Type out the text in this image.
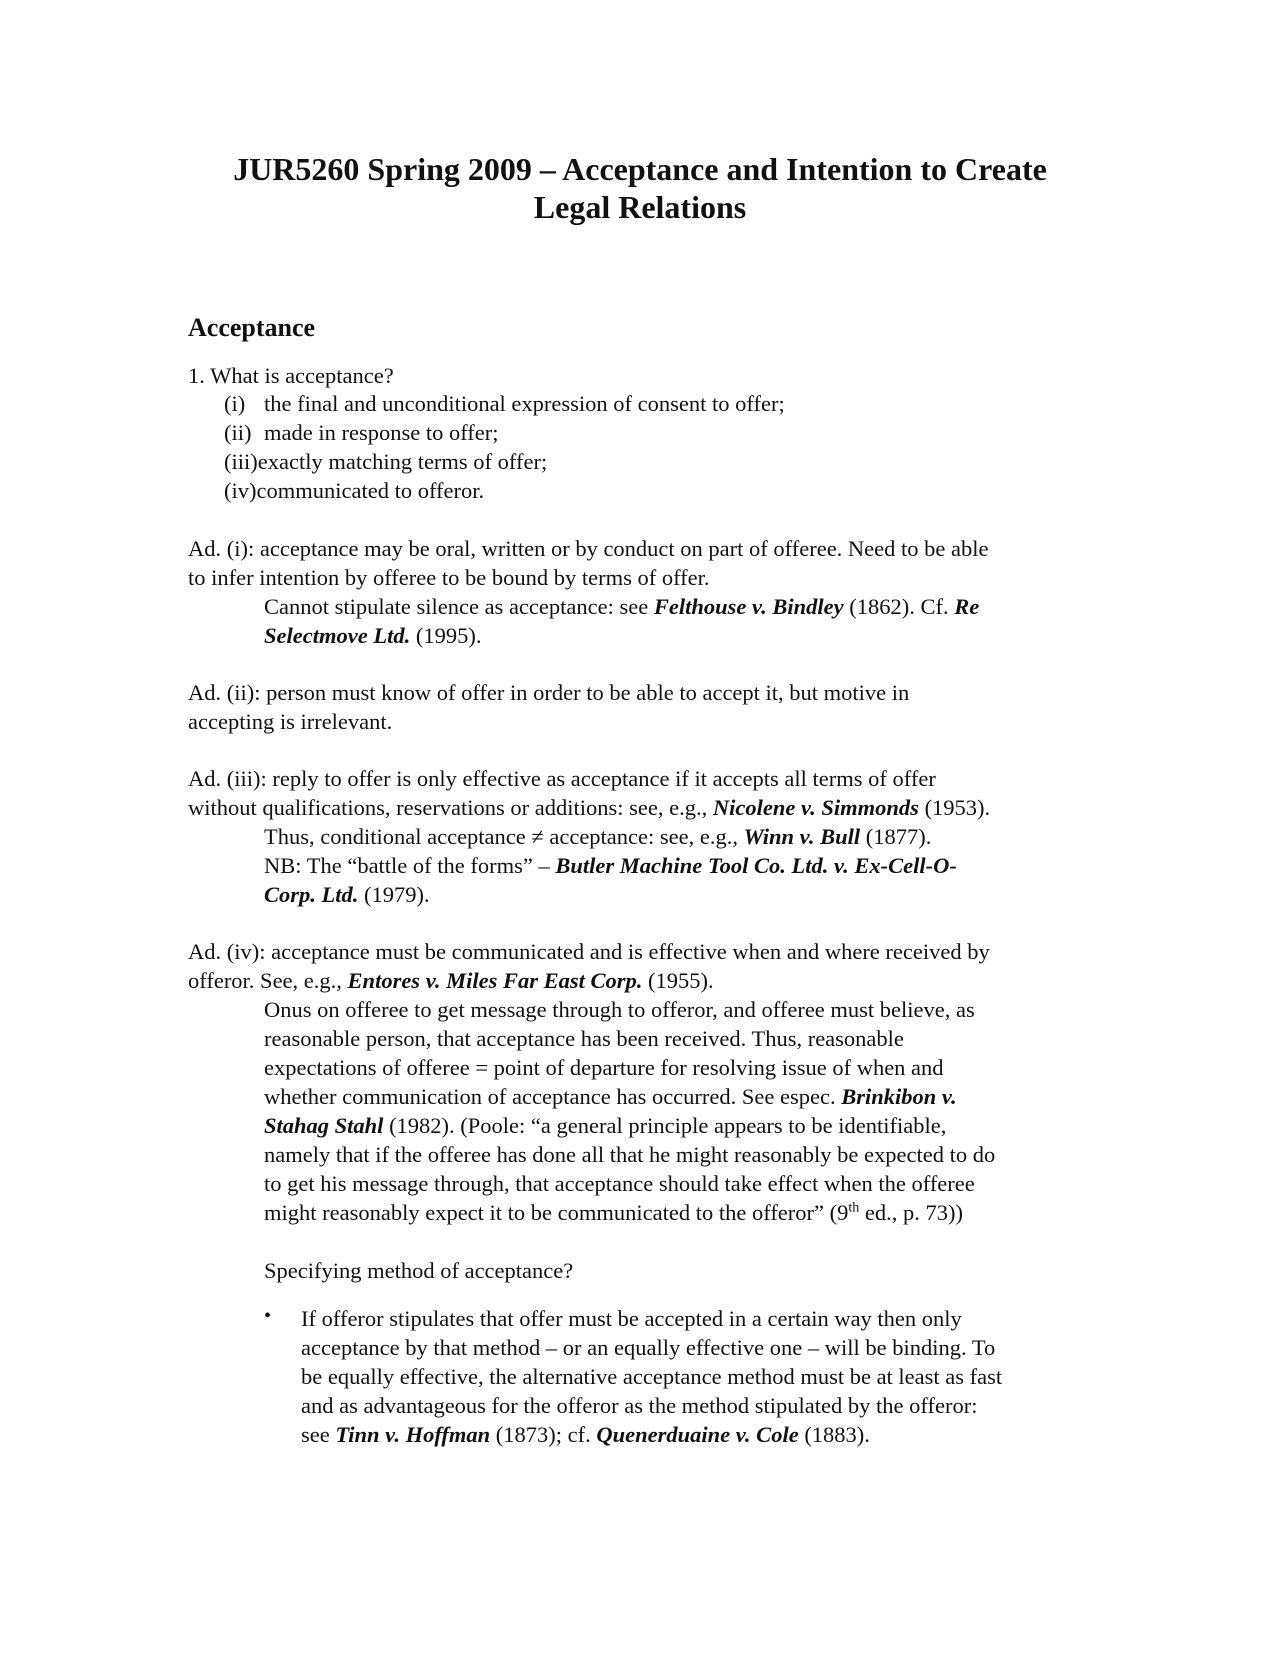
JUR5260 Spring 2009 – Acceptance and Intention to Create
Legal Relations
Acceptance
1. What is acceptance?
(i) the final and unconditional expression of consent to offer;
(ii) made in response to offer;
(iii)exactly matching terms of offer;
(iv)communicated to offeror.
Ad. (i): acceptance may be oral, written or by conduct on part of offeree. Need to be able
to infer intention by offeree to be bound by terms of offer.
Cannot stipulate silence as acceptance: see Felthouse v. Bindley (1862). Cf. Re
Selectmove Ltd. (1995).
Ad. (ii): person must know of offer in order to be able to accept it, but motive in
accepting is irrelevant.
Ad. (iii): reply to offer is only effective as acceptance if it accepts all terms of offer
without qualifications, reservations or additions: see, e.g., Nicolene v. Simmonds (1953).
Thus, conditional acceptance ≠ acceptance: see, e.g., Winn v. Bull (1877).
NB: The “battle of the forms” – Butler Machine Tool Co. Ltd. v. Ex-Cell-O-
Corp. Ltd. (1979).
Ad. (iv): acceptance must be communicated and is effective when and where received by
offeror. See, e.g., Entores v. Miles Far East Corp. (1955).
Onus on offeree to get message through to offeror, and offeree must believe, as
reasonable person, that acceptance has been received. Thus, reasonable
expectations of offeree = point of departure for resolving issue of when and
whether communication of acceptance has occurred. See espec. Brinkibon v.
Stahag Stahl (1982). (Poole: “a general principle appears to be identifiable,
namely that if the offeree has done all that he might reasonably be expected to do
to get his message through, that acceptance should take effect when the offeree
might reasonably expect it to be communicated to the offeror” (9th ed., p. 73))
Specifying method of acceptance?
• If offeror stipulates that offer must be accepted in a certain way then only
acceptance by that method – or an equally effective one – will be binding. To
be equally effective, the alternative acceptance method must be at least as fast
and as advantageous for the offeror as the method stipulated by the offeror:
see Tinn v. Hoffman (1873); cf. Quenerduaine v. Cole (1883).
